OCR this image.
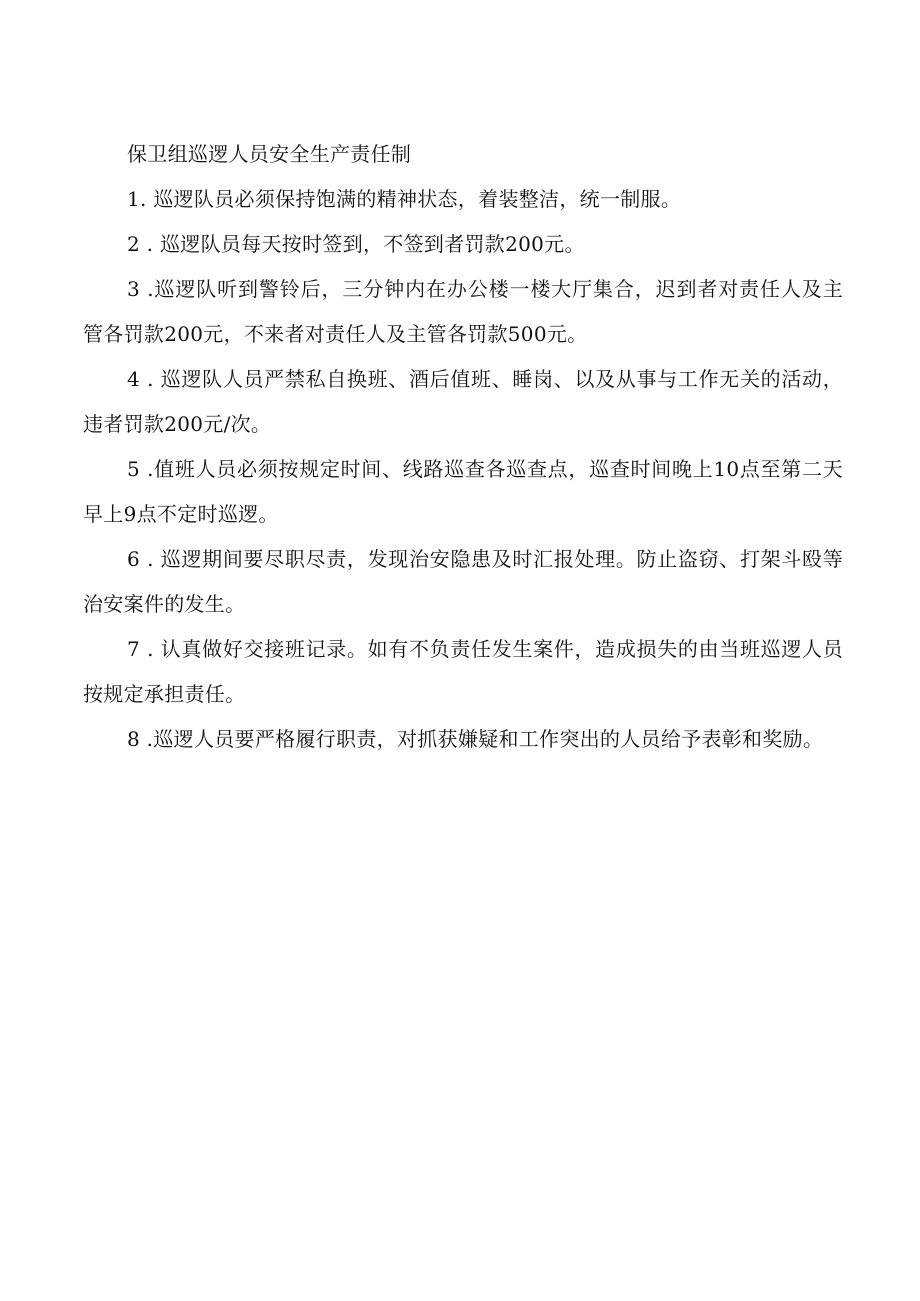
保卫组巡逻人员安全生产责任制

1. 巡逻队员必须保持饱满的精神状态，着装整洁，统一制服。

2 . 巡逻队员每天按时签到，不签到者罚款200元。

3 .巡逻队听到警铃后，三分钟内在办公楼一楼大厅集合，迟到者对责任人及主管各罚款200元，不来者对责任人及主管各罚款500元。

4 . 巡逻队人员严禁私自换班、酒后值班、睡岗、以及从事与工作无关的活动，违者罚款200元/次。

5 .值班人员必须按规定时间、线路巡查各巡查点，巡查时间晚上10点至第二天早上9点不定时巡逻。

6 . 巡逻期间要尽职尽责，发现治安隐患及时汇报处理。防止盗窃、打架斗殴等治安案件的发生。

7 . 认真做好交接班记录。如有不负责任发生案件，造成损失的由当班巡逻人员按规定承担责任。

8 .巡逻人员要严格履行职责，对抓获嫌疑和工作突出的人员给予表彰和奖励。
